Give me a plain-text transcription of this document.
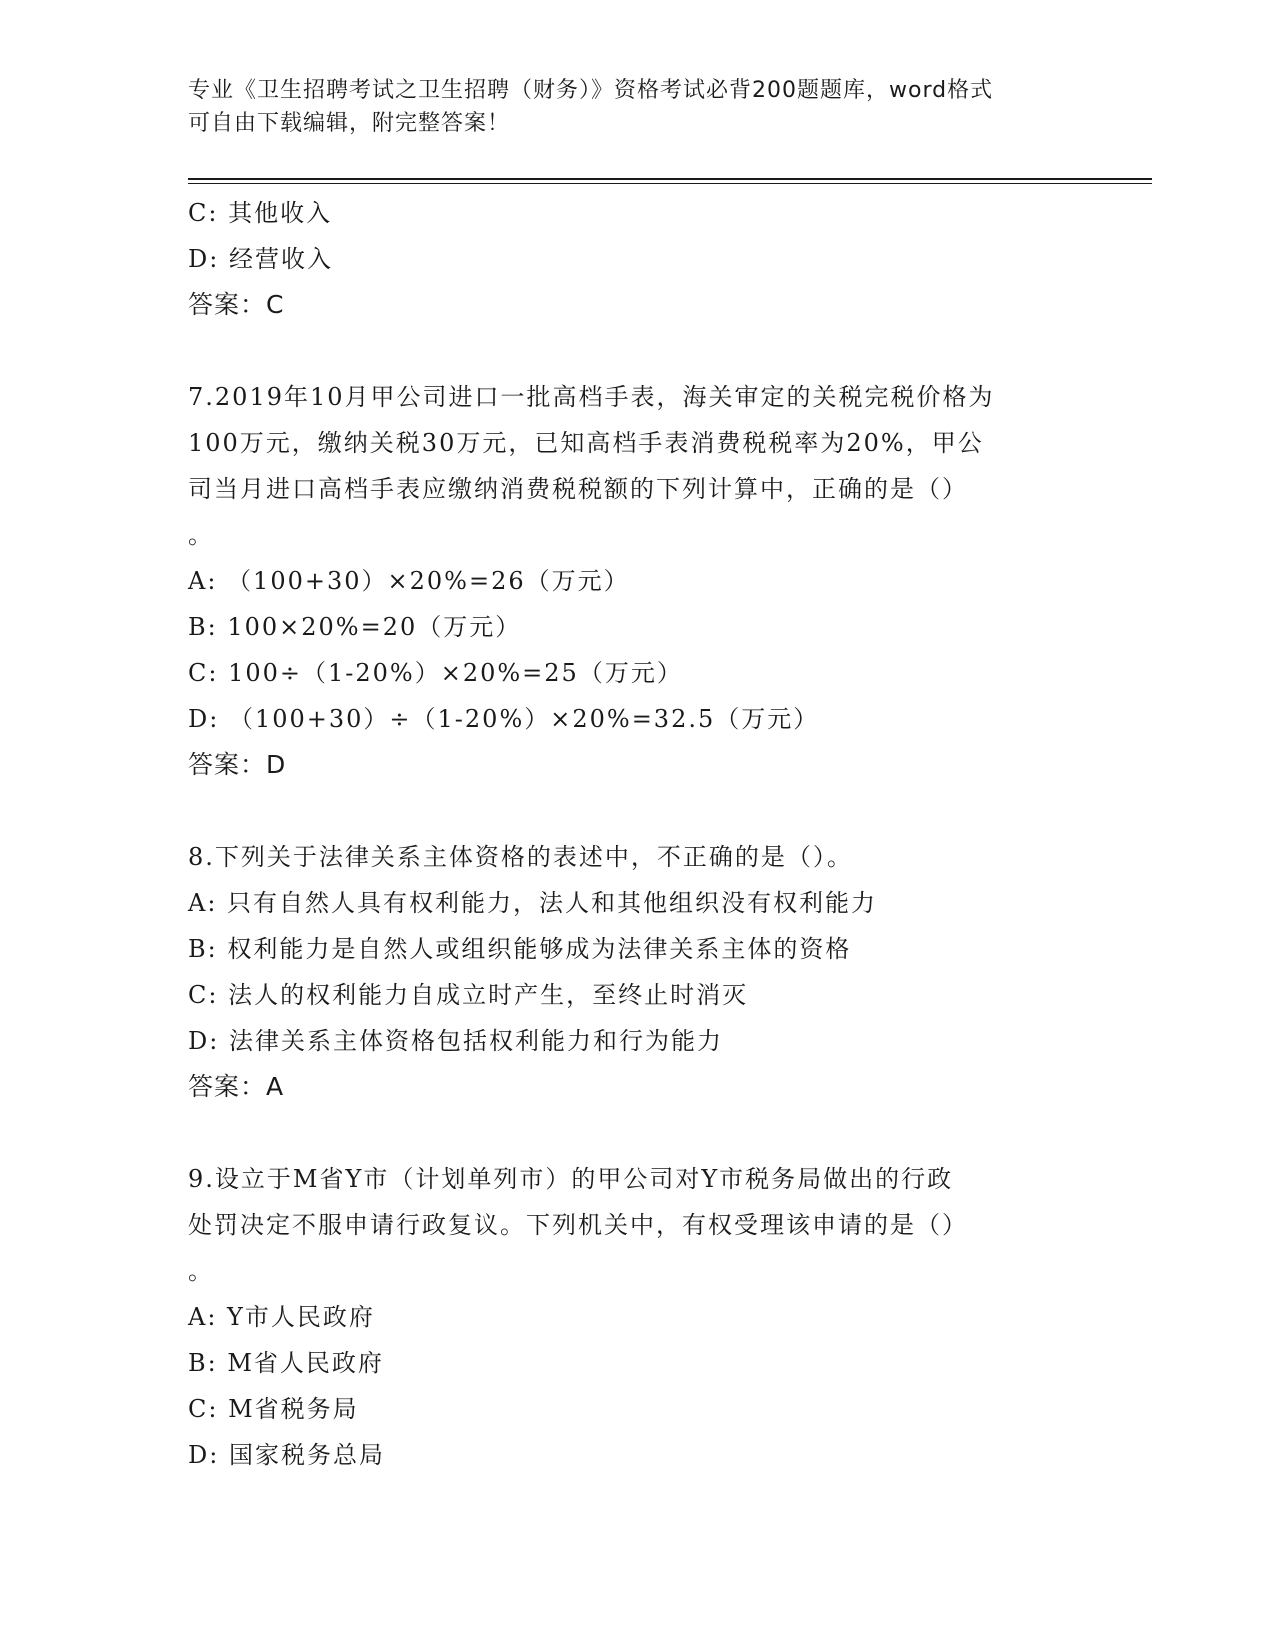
专业《卫生招聘考试之卫生招聘（财务）》资格考试必背200题题库，word格式
可自由下载编辑，附完整答案！
C: 其他收入
D: 经营收入
答案：C
7.2019年10月甲公司进口一批高档手表，海关审定的关税完税价格为
100万元，缴纳关税30万元，已知高档手表消费税税率为20%，甲公
司当月进口高档手表应缴纳消费税税额的下列计算中，正确的是（）
。
A: （100+30）×20%=26（万元）
B: 100×20%=20（万元）
C: 100÷（1-20%）×20%=25（万元）
D: （100+30）÷（1-20%）×20%=32.5（万元）
答案：D
8.下列关于法律关系主体资格的表述中，不正确的是（）。
A: 只有自然人具有权利能力，法人和其他组织没有权利能力
B: 权利能力是自然人或组织能够成为法律关系主体的资格
C: 法人的权利能力自成立时产生，至终止时消灭
D: 法律关系主体资格包括权利能力和行为能力
答案：A
9.设立于M省Y市（计划单列市）的甲公司对Y市税务局做出的行政
处罚决定不服申请行政复议。下列机关中，有权受理该申请的是（）
。
A: Y市人民政府
B: M省人民政府
C: M省税务局
D: 国家税务总局
